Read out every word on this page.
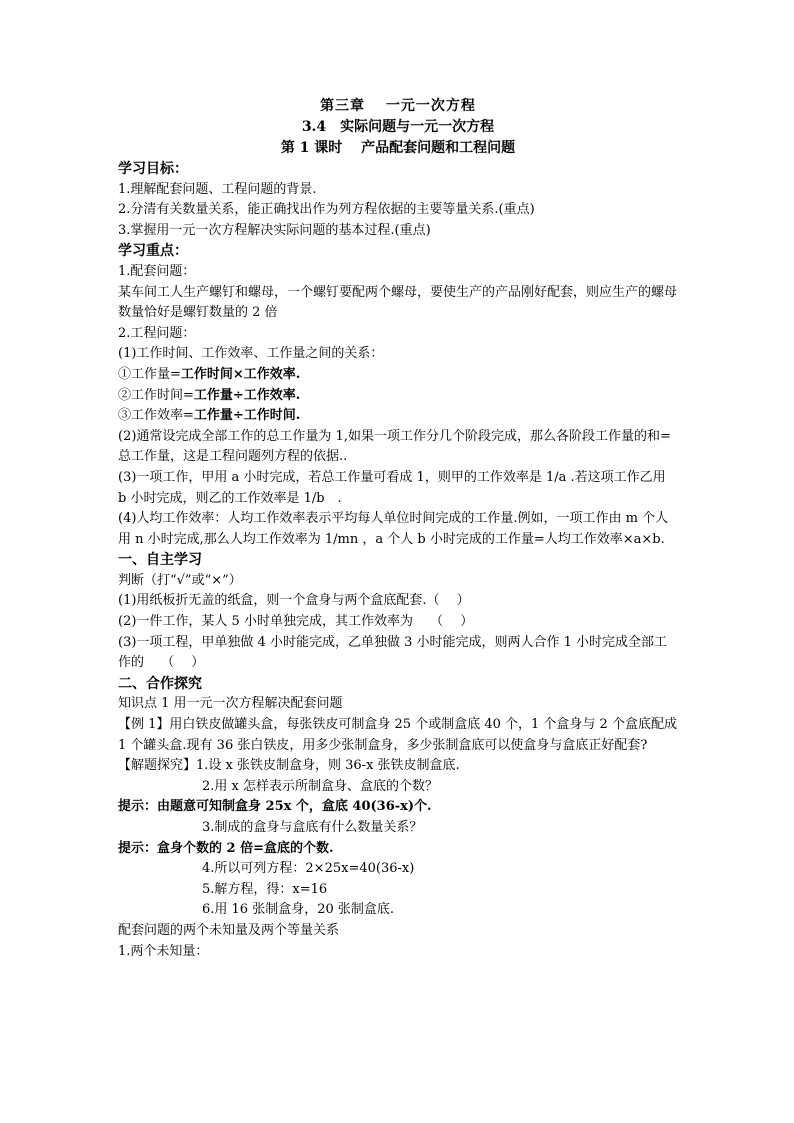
第三章　 一元一次方程
3.4　实际问题与一元一次方程
第 1 课时　 产品配套问题和工程问题
学习目标：
1.理解配套问题、工程问题的背景.
2.分清有关数量关系，能正确找出作为列方程依据的主要等量关系.(重点)
3.掌握用一元一次方程解决实际问题的基本过程.(重点)
学习重点：
1.配套问题：
某车间工人生产螺钉和螺母，一个螺钉要配两个螺母，要使生产的产品刚好配套，则应生产的螺母数量恰好是螺钉数量的 2 倍
2.工程问题：
(1)工作时间、工作效率、工作量之间的关系：
①工作量=工作时间×工作效率.
②工作时间=工作量÷工作效率.
③工作效率=工作量÷工作时间.
(2)通常设完成全部工作的总工作量为 1,如果一项工作分几个阶段完成，那么各阶段工作量的和=总工作量，这是工程问题列方程的依据..
(3)一项工作，甲用 a 小时完成，若总工作量可看成 1，则甲的工作效率是 1/a .若这项工作乙用 b 小时完成，则乙的工作效率是 1/b　.
(4)人均工作效率：人均工作效率表示平均每人单位时间完成的工作量.例如，一项工作由 m 个人用 n 小时完成,那么人均工作效率为 1/mn ，a 个人 b 小时完成的工作量=人均工作效率×a×b.
一、自主学习
判断（打“√”或“×”）
(1)用纸板折无盖的纸盒，则一个盒身与两个盒底配套.（　 ）
(2)一件工作，某人 5 小时单独完成，其工作效率为　 （　 ）
(3)一项工程，甲单独做 4 小时能完成，乙单独做 3 小时能完成，则两人合作 1 小时完成全部工作的　 （　 ）
二、合作探究
知识点 1 用一元一次方程解决配套问题
【例 1】用白铁皮做罐头盒，每张铁皮可制盒身 25 个或制盒底 40 个，1 个盒身与 2 个盒底配成 1 个罐头盒.现有 36 张白铁皮，用多少张制盒身，多少张制盒底可以使盒身与盒底正好配套?
【解题探究】1.设 x 张铁皮制盒身，则 36-x 张铁皮制盒底.
2.用 x 怎样表示所制盒身、盒底的个数？
提示：由题意可知制盒身 25x 个，盒底 40(36-x)个.
3.制成的盒身与盒底有什么数量关系？
提示：盒身个数的 2 倍=盒底的个数.
4.所以可列方程：2×25x=40(36-x)
5.解方程，得：x=16
6.用 16 张制盒身，20 张制盒底.
配套问题的两个未知量及两个等量关系
1.两个未知量：
